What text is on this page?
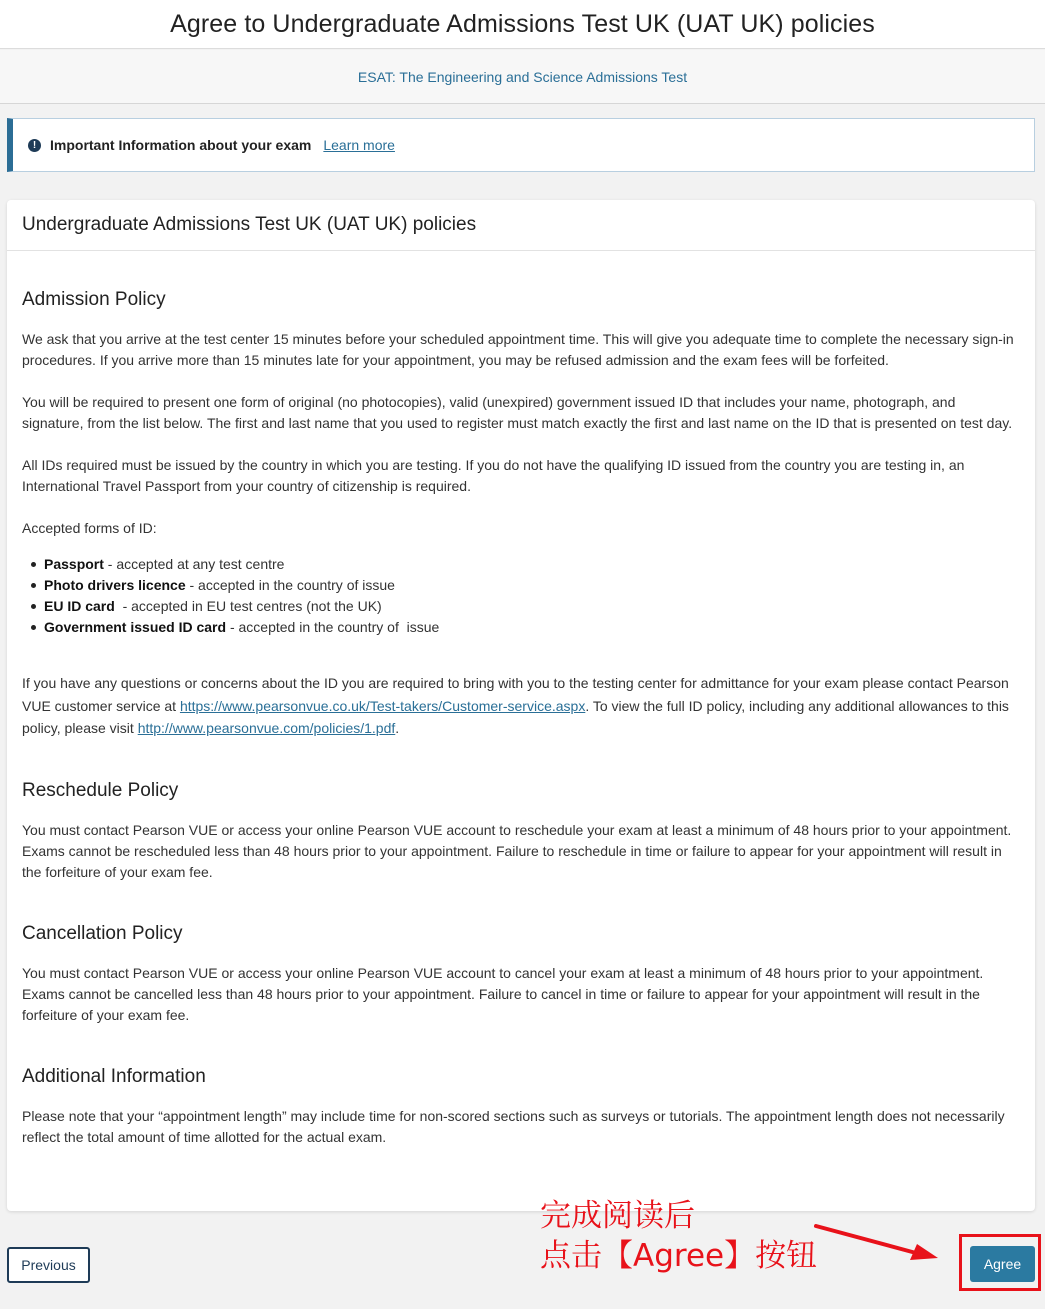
Agree to Undergraduate Admissions Test UK (UAT UK) policies
ESAT: The Engineering and Science Admissions Test
! Important Information about your exam Learn more
Undergraduate Admissions Test UK (UAT UK) policies
Admission Policy

We ask that you arrive at the test center 15 minutes before your scheduled appointment time. This will give you adequate time to complete the necessary sign-in procedures. If you arrive more than 15 minutes late for your appointment, you may be refused admission and the exam fees will be forfeited.

You will be required to present one form of original (no photocopies), valid (unexpired) government issued ID that includes your name, photograph, and signature, from the list below. The first and last name that you used to register must match exactly the first and last name on the ID that is presented on test day.

All IDs required must be issued by the country in which you are testing. If you do not have the qualifying ID issued from the country you are testing in, an International Travel Passport from your country of citizenship is required.

Accepted forms of ID:

Passport - accepted at any test centre
Photo drivers licence - accepted in the country of issue
EU ID card  - accepted in EU test centres (not the UK)
Government issued ID card - accepted in the country of  issue

If you have any questions or concerns about the ID you are required to bring with you to the testing center for admittance for your exam please contact Pearson VUE customer service at https://www.pearsonvue.co.uk/Test-takers/Customer-service.aspx. To view the full ID policy, including any additional allowances to this policy, please visit http://www.pearsonvue.com/policies/1.pdf.

Reschedule Policy

You must contact Pearson VUE or access your online Pearson VUE account to reschedule your exam at least a minimum of 48 hours prior to your appointment. Exams cannot be rescheduled less than 48 hours prior to your appointment. Failure to reschedule in time or failure to appear for your appointment will result in the forfeiture of your exam fee.

Cancellation Policy

You must contact Pearson VUE or access your online Pearson VUE account to cancel your exam at least a minimum of 48 hours prior to your appointment. Exams cannot be cancelled less than 48 hours prior to your appointment. Failure to cancel in time or failure to appear for your appointment will result in the forfeiture of your exam fee.

Additional Information

Please note that your “appointment length” may include time for non-scored sections such as surveys or tutorials. The appointment length does not necessarily reflect the total amount of time allotted for the actual exam.

Previous
完成阅读后
点击【Agree】按钮	Agree
